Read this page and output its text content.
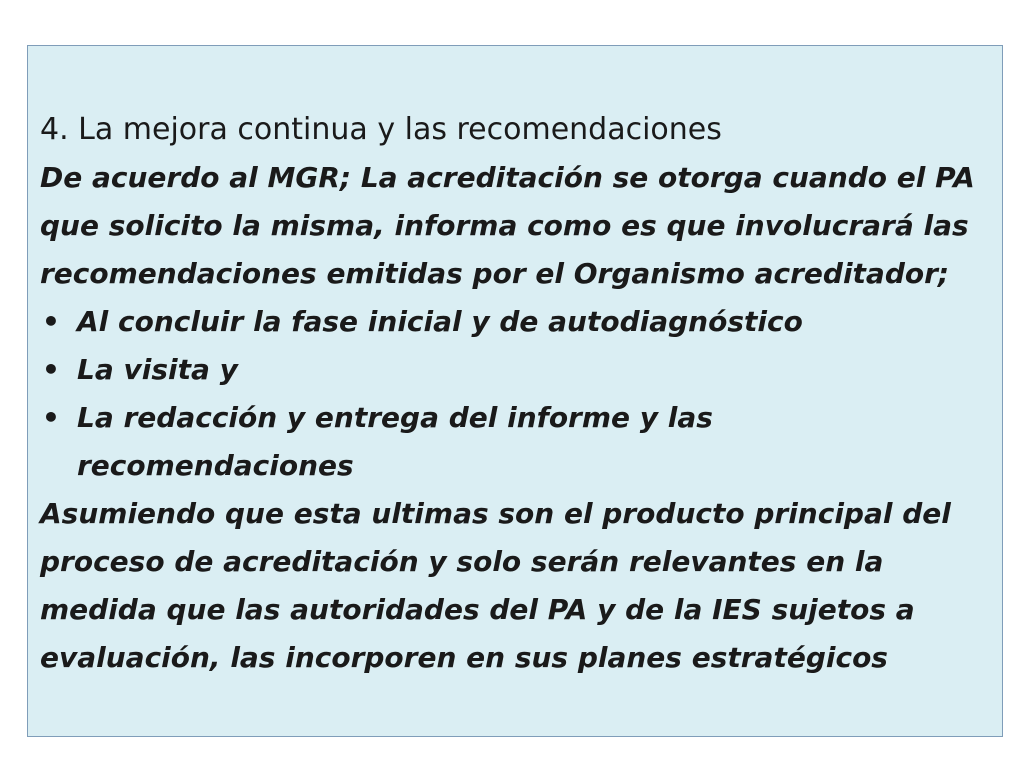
4. La mejora continua y las recomendaciones

De acuerdo al MGR; La acreditación se otorga cuando el PA que solicito la misma, informa como es que involucrará las recomendaciones emitidas por el Organismo acreditador;

• Al concluir la fase inicial y de autodiagnóstico
• La visita y
• La redacción y entrega del informe y las recomendaciones

Asumiendo que esta ultimas son el producto principal del proceso de acreditación y solo serán relevantes en la medida que las autoridades del PA y de la IES sujetos a evaluación, las incorporen en sus planes estratégicos
